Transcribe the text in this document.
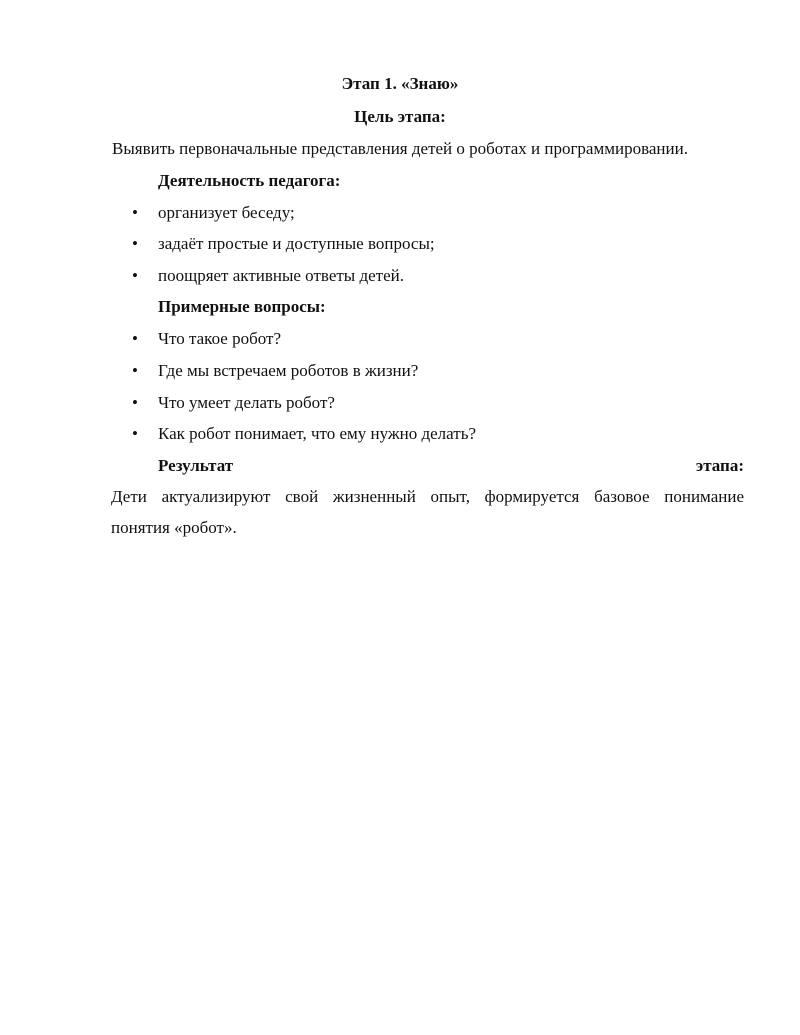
Этап 1. «Знаю»
Цель этапа:
Выявить первоначальные представления детей о роботах и программировании.
Деятельность педагога:
• организует беседу;
• задаёт простые и доступные вопросы;
• поощряет активные ответы детей.
Примерные вопросы:
• Что такое робот?
• Где мы встречаем роботов в жизни?
• Что умеет делать робот?
• Как робот понимает, что ему нужно делать?
Результат	этапа:
Дети актуализируют свой жизненный опыт, формируется базовое понимание
понятия «робот».
